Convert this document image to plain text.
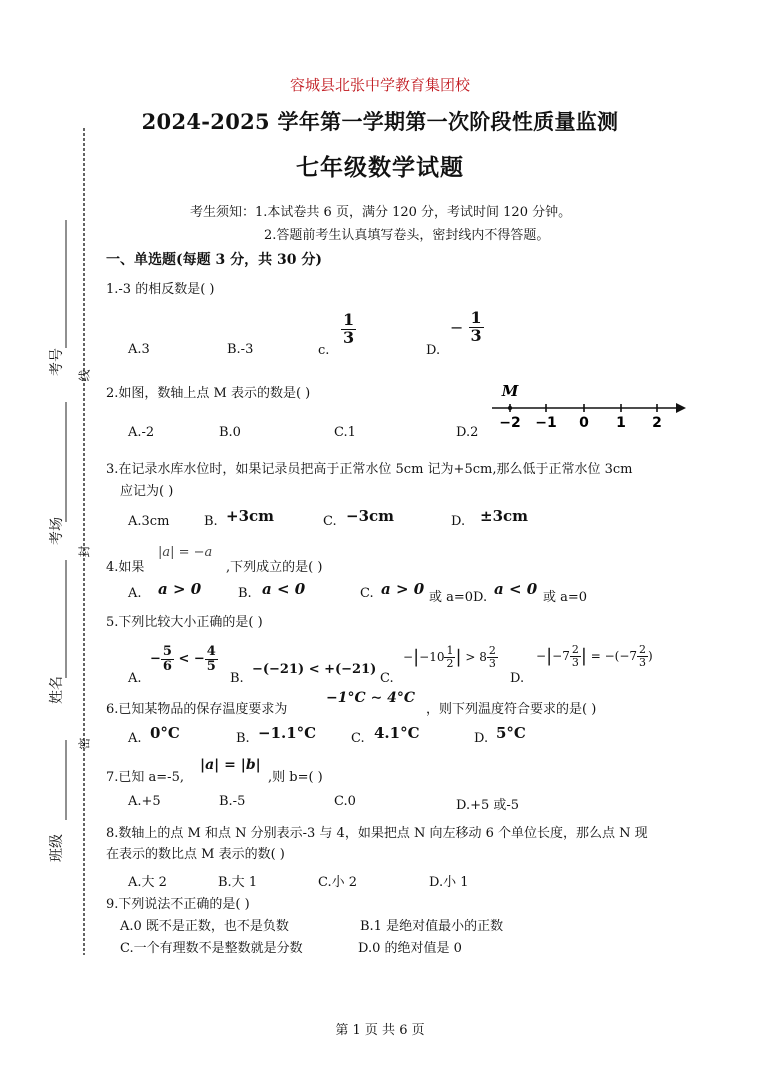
考号
考场
姓名
班级
线
封
密
容城县北张中学教育集团校
2024-2025 学年第一学期第一次阶段性质量监测
七年级数学试题
考生须知：1.本试卷共 6 页，满分 120 分，考试时间 120 分钟。
2.答题前考生认真填写卷头，密封线内不得答题。
一、单选题(每题 3 分，共 30 分)
1.-3 的相反数是( )
A.3	B.-3	c.
$\frac{1}{3}$
D.
− $\frac{1}{3}$
2.如图，数轴上点 M 表示的数是( )
A.-2	B.0	C.1	D.2
M
−2 −1 0 1 2
3.在记录水库水位时，如果记录员把高于正常水位 5cm 记为+5cm,那么低于正常水位 3cm
应记为( )
A.3cm	B. +3cm	C. −3cm	D. ±3cm
4.如果
|a| = −a
,下列成立的是( )
A. a > 0	B. a < 0	C. a > 0 或 a=0D. a < 0 或 a=0
5.下列比较大小正确的是( )
A.
− $\frac{5}{6}$ < − $\frac{4}{5}$
B.
−(−21) < +(−21)
C.
$-|-10 \frac{1}{2}$ | > $8 \frac{2}{3}$
D.
$-|-7 \frac{2}{3}$ | = $-(-7 \frac{2}{3}$ )
6.已知某物品的保存温度要求为
−1°C ∼ 4°C
，则下列温度符合要求的是( )
A. 0°C	B. −1.1°C	C. 4.1°C	D. 5°C
7.已知 a=-5,
|a| = |b|
,则 b=( )
A.+5	B.-5	C.0	D.+5 或-5
8.数轴上的点 M 和点 N 分别表示-3 与 4，如果把点 N 向左移动 6 个单位长度，那么点 N 现
在表示的数比点 M 表示的数( )
A.大 2	B.大 1	C.小 2	D.小 1
9.下列说法不正确的是( )
A.0 既不是正数，也不是负数	B.1 是绝对值最小的正数
C.一个有理数不是整数就是分数	D.0 的绝对值是 0
第 1 页 共 6 页
